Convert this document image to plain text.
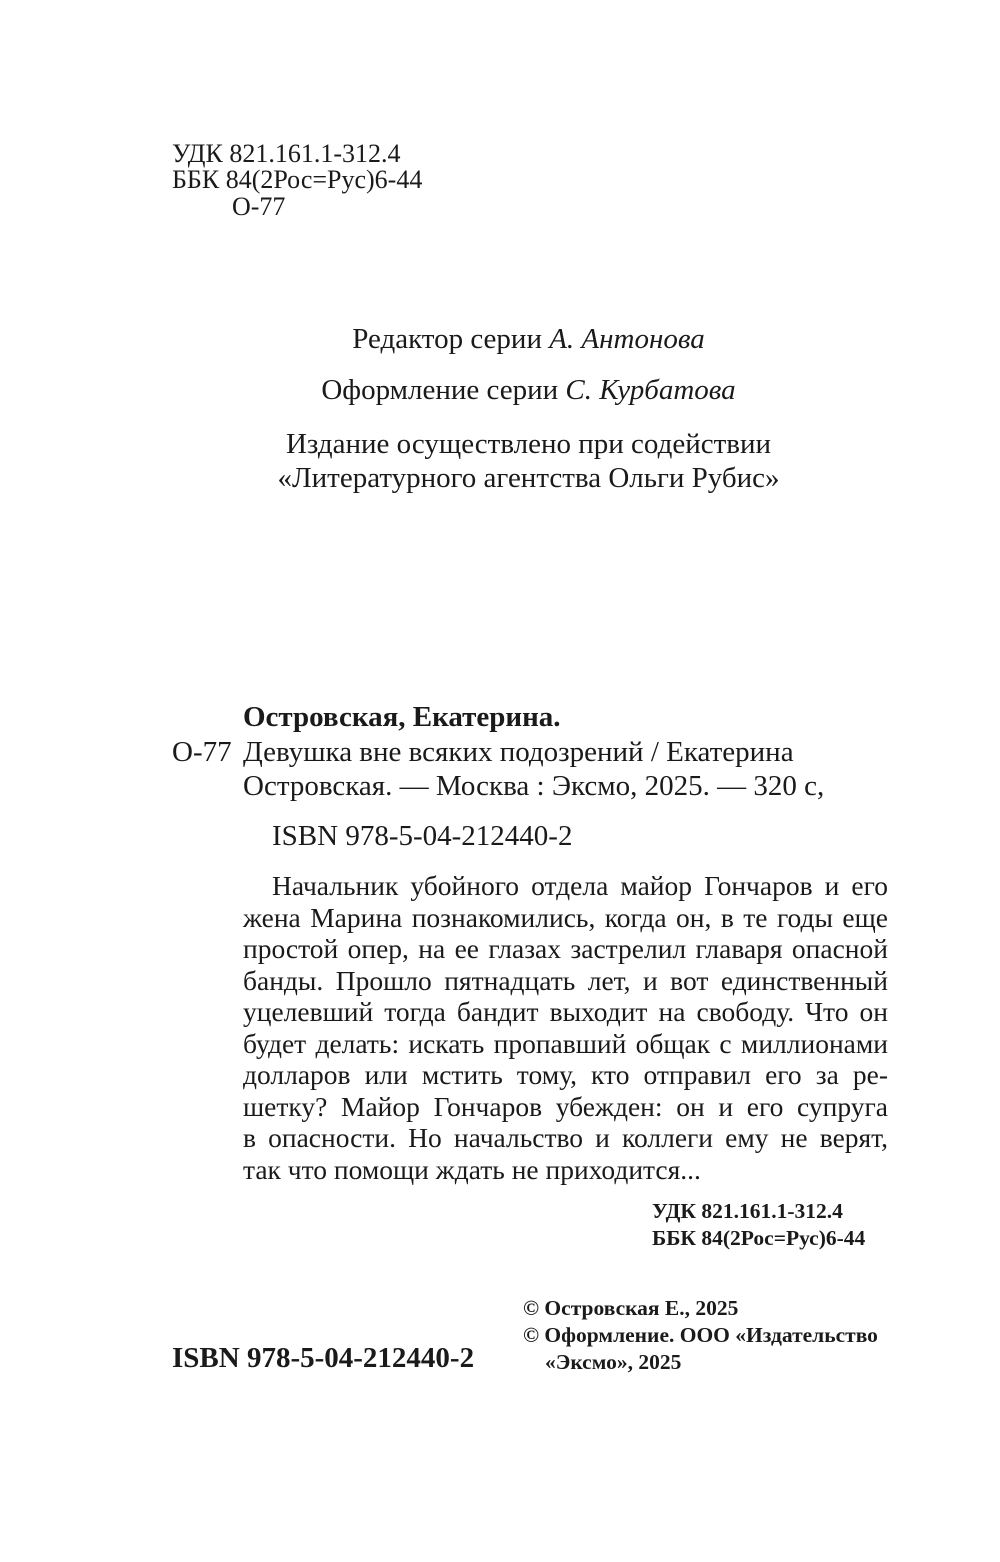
УДК 821.161.1-312.4
ББК 84(2Рос=Рус)6-44
О-77
Редактор серии А. Антонова
Оформление серии С. Курбатова
Издание осуществлено при содействии
«Литературного агентства Ольги Рубис»
Островская, Екатерина.
О-77 Девушка вне всяких подозрений / Екатерина
Островская. — Москва : Эксмо, 2025. — 320 с,
ISBN 978-5-04-212440-2
Начальник убойного отдела майор Гончаров и его
жена Марина познакомились, когда он, в те годы еще
простой опер, на ее глазах застрелил главаря опасной
банды. Прошло пятнадцать лет, и вот единственный
уцелевший тогда бандит выходит на свободу. Что он
будет делать: искать пропавший общак с миллионами
долларов или мстить тому, кто отправил его за ре-
шетку? Майор Гончаров убежден: он и его супруга
в опасности. Но начальство и коллеги ему не верят,
так что помощи ждать не приходится...
УДК 821.161.1-312.4
ББК 84(2Рос=Рус)6-44
ISBN 978-5-04-212440-2
© Островская Е., 2025
© Оформление. ООО «Издательство
«Эксмо», 2025
